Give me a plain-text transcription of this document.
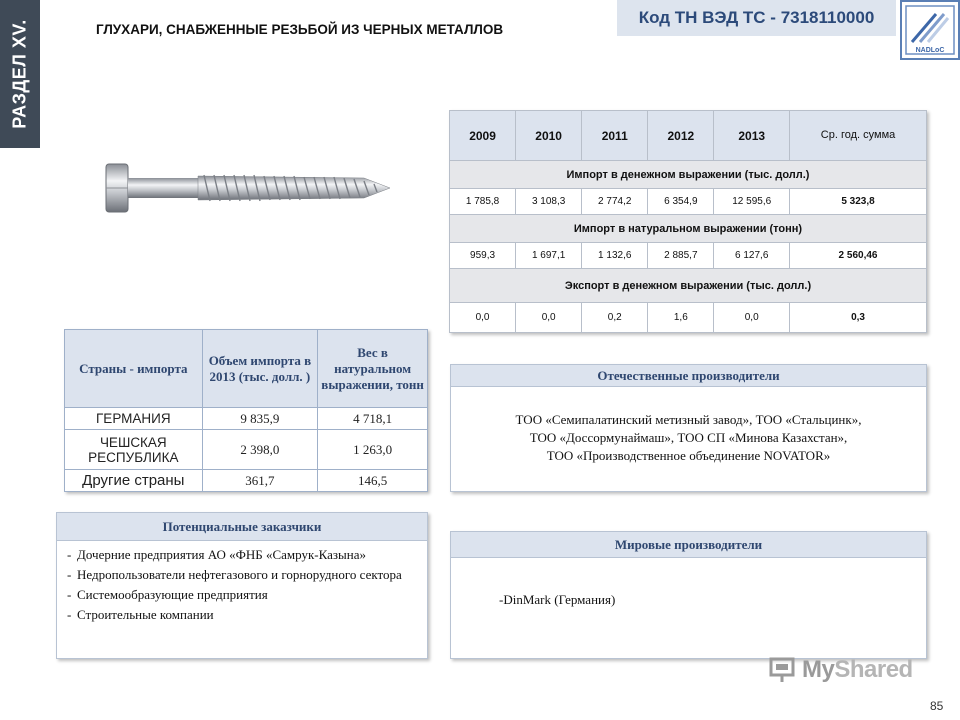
РАЗДЕЛ XV.	ГЛУХАРИ, СНАБЖЕННЫЕ РЕЗЬБОЙ ИЗ ЧЕРНЫХ МЕТАЛЛОВ
Код ТН ВЭД ТС - 7318110000
NADLoC
2009	2010	2011	2012	2013	Ср. год. сумма
Импорт в денежном выражении (тыс. долл.)					
1 785,8	3 108,3	2 774,2	6 354,9	12 595,6	5 323,8
Импорт в натуральном выражении (тонн)					
959,3	1 697,1	1 132,6	2 885,7	6 127,6	2 560,46
Экспорт в денежном выражении (тыс. долл.)					
0,0	0,0	0,2	1,6	0,0	0,3
Страны - импорта	Объем импорта в 2013 (тыс. долл. )	Вес в натуральном выражении, тонн
ГЕРМАНИЯ	9 835,9	4 718,1
ЧЕШСКАЯ РЕСПУБЛИКА	2 398,0	1 263,0
Другие страны	361,7	146,5
Отечественные производители
ТОО «Семипалатинский метизный завод», ТОО «Стальцинк»,
ТОО «Доссормунаймаш», ТОО СП «Минова Казахстан»,
ТОО «Производственное объединение NOVATOR»
Потенциальные заказчики
- Дочерние предприятия АО «ФНБ «Самрук-Казына»
- Недропользователи нефтегазового и горнорудного сектора
- Системообразующие предприятия
- Строительные компании
Мировые производители
-DinMark (Германия)
MyShared
85
